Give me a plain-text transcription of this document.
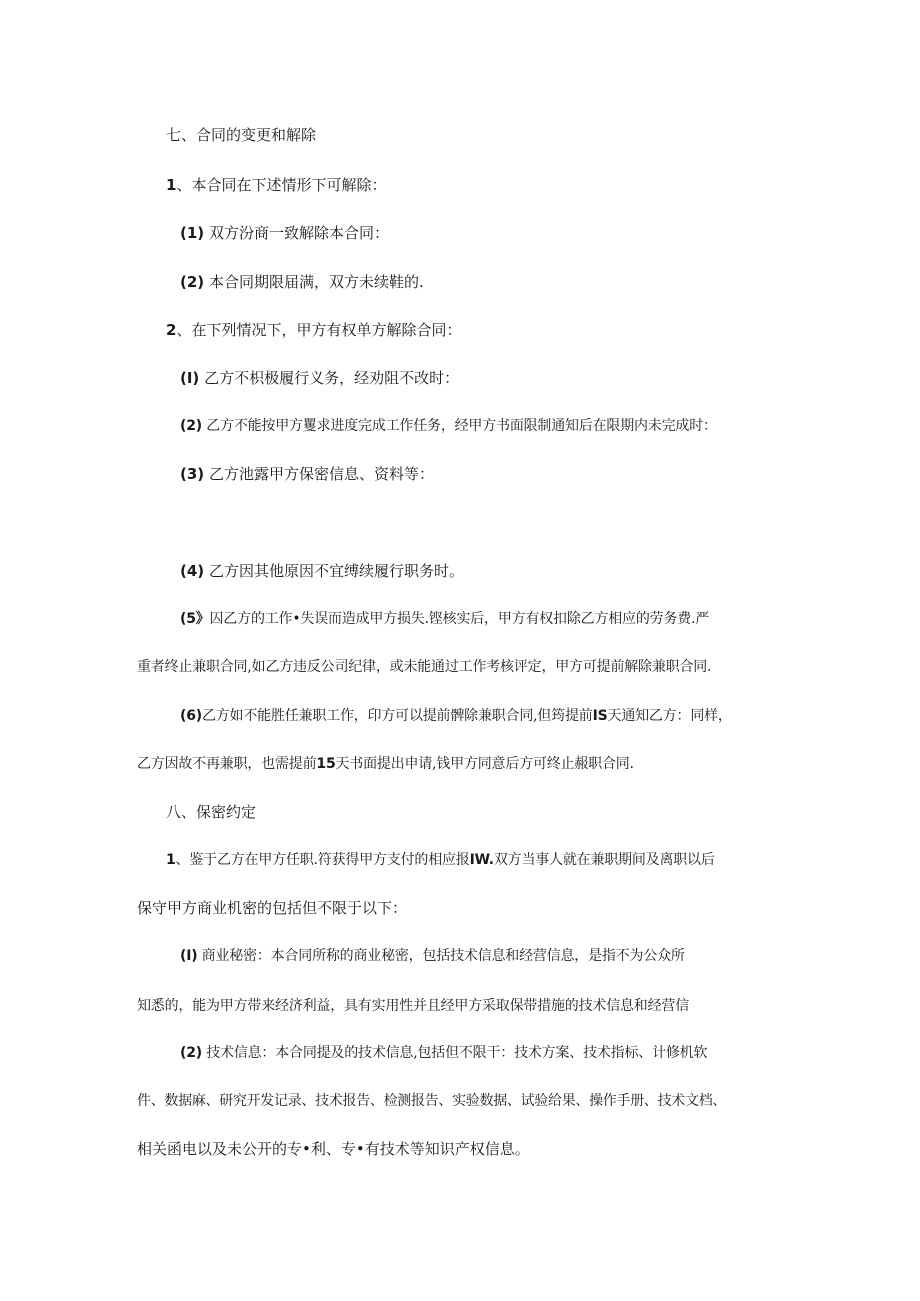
七、合同的变更和解除

1、本合同在下述情形下可解除：

(1) 双方汾商一致解除本合同：

(2) 本合同期限届满，双方未续鞋的.

2、在下列情况下，甲方有权单方解除合同：

(I) 乙方不枳极履行义务，经劝阻不改时：

(2) 乙方不能按甲方矍求进度完成工作任务，经甲方书面限制通知后在限期内未完成时：

(3) 乙方池露甲方保密信息、资料等：

(4) 乙方因其他原因不宜缚续履行职务时。

(5》囚乙方的工作•失误而造成甲方损失.铿核实后，甲方有权扣除乙方相应的劳务费.严

重者终止兼职合同,如乙方违反公司纪律，或未能通过工作考核评定，甲方可提前解除兼职合同.

(6)乙方如不能胜任兼职工作，印方可以提前髀除兼职合同,但筠提前IS天通知乙方：同样，

乙方因故不再兼职，也需提前15天书面提出申请,钱甲方同意后方可终止赧职合同.

八、保密约定

1、鉴于乙方在甲方任职.符获得甲方支付的相应报IW.双方当事人就在兼职期间及离职以后

保守甲方商业机密的包括但不限于以下：

(I) 商业秘密：本合同所称的商业秘密，包括技术信息和经营信息，是指不为公众所

知悉的，能为甲方带来经济利益，具有实用性并且经甲方采取保带措施的技术信息和经营信

(2) 技术信息：本合同提及的技术信息,包括但不限干：技术方案、技术指标、计修机软

件、数据麻、研究开发记录、技术报告、检测报告、实验数据、试验给果、操作手册、技术文档、

相关函电以及未公开的专•利、专•有技术等知识产权信息。
